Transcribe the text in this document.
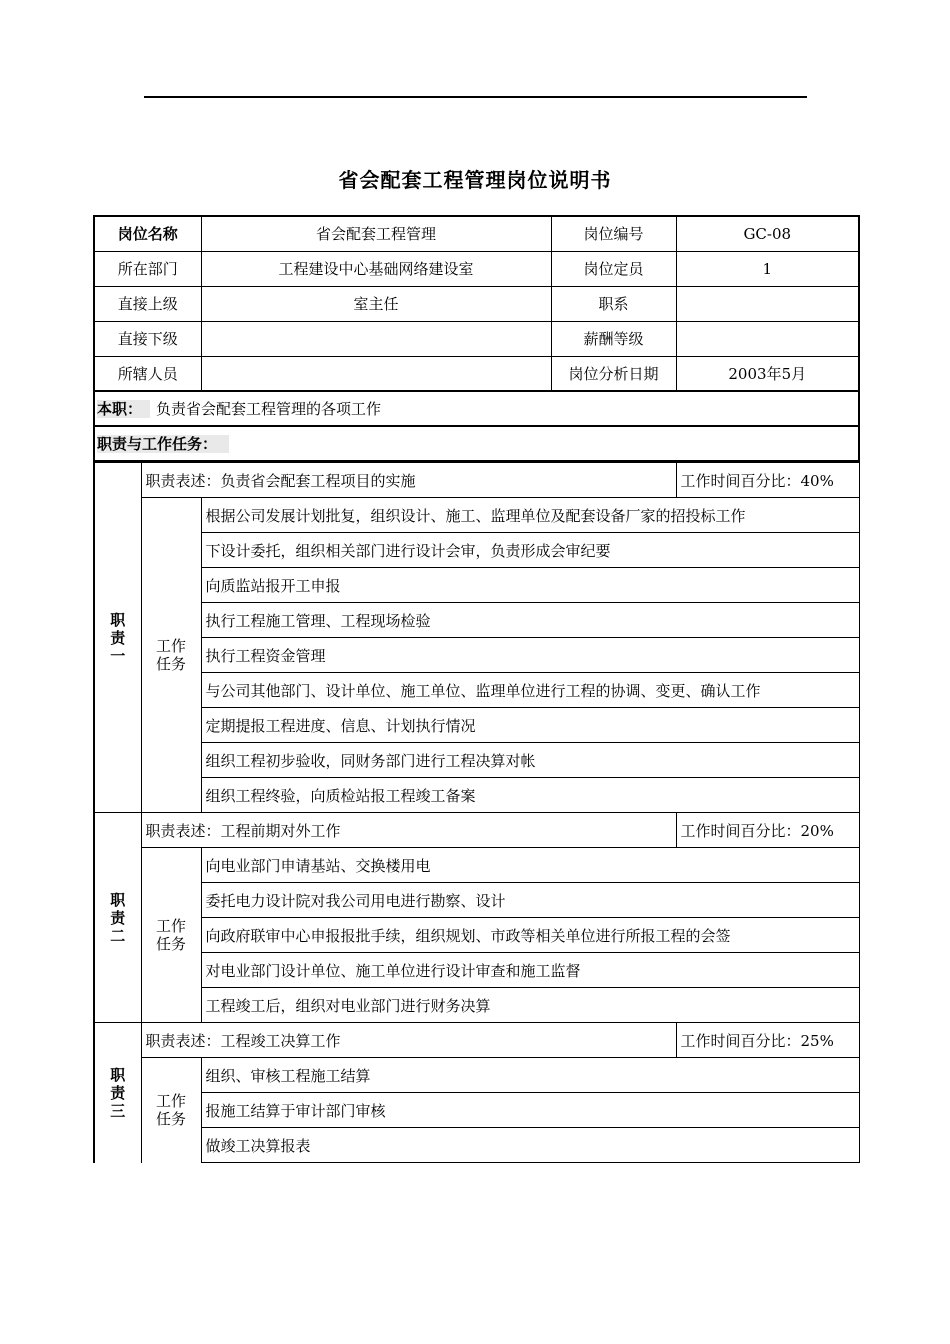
省会配套工程管理岗位说明书
岗位名称	省会配套工程管理	岗位编号	GC-08
所在部门	工程建设中心基础网络建设室	岗位定员	1
直接上级	室主任	职系	
直接下级		薪酬等级	
所辖人员		岗位分析日期	2003年5月
本职： 负责省会配套工程管理的各项工作			
职责与工作任务：			
职责一	职责表述：负责省会配套工程项目的实施		工作时间百分比：40%
	工作任务	根据公司发展计划批复，组织设计、施工、监理单位及配套设备厂家的招投标工作	
		下设计委托，组织相关部门进行设计会审，负责形成会审纪要	
		向质监站报开工申报	
		执行工程施工管理、工程现场检验	
		执行工程资金管理	
		与公司其他部门、设计单位、施工单位、监理单位进行工程的协调、变更、确认工作	
		定期提报工程进度、信息、计划执行情况	
		组织工程初步验收，同财务部门进行工程决算对帐	
		组织工程终验，向质检站报工程竣工备案	
职责二	职责表述：工程前期对外工作		工作时间百分比：20%
	工作任务	向电业部门申请基站、交换楼用电	
		委托电力设计院对我公司用电进行勘察、设计	
		向政府联审中心申报报批手续，组织规划、市政等相关单位进行所报工程的会签	
		对电业部门设计单位、施工单位进行设计审查和施工监督	
		工程竣工后，组织对电业部门进行财务决算	
职责三	职责表述：工程竣工决算工作		工作时间百分比：25%
	工作任务	组织、审核工程施工结算	
		报施工结算于审计部门审核	
		做竣工决算报表	
